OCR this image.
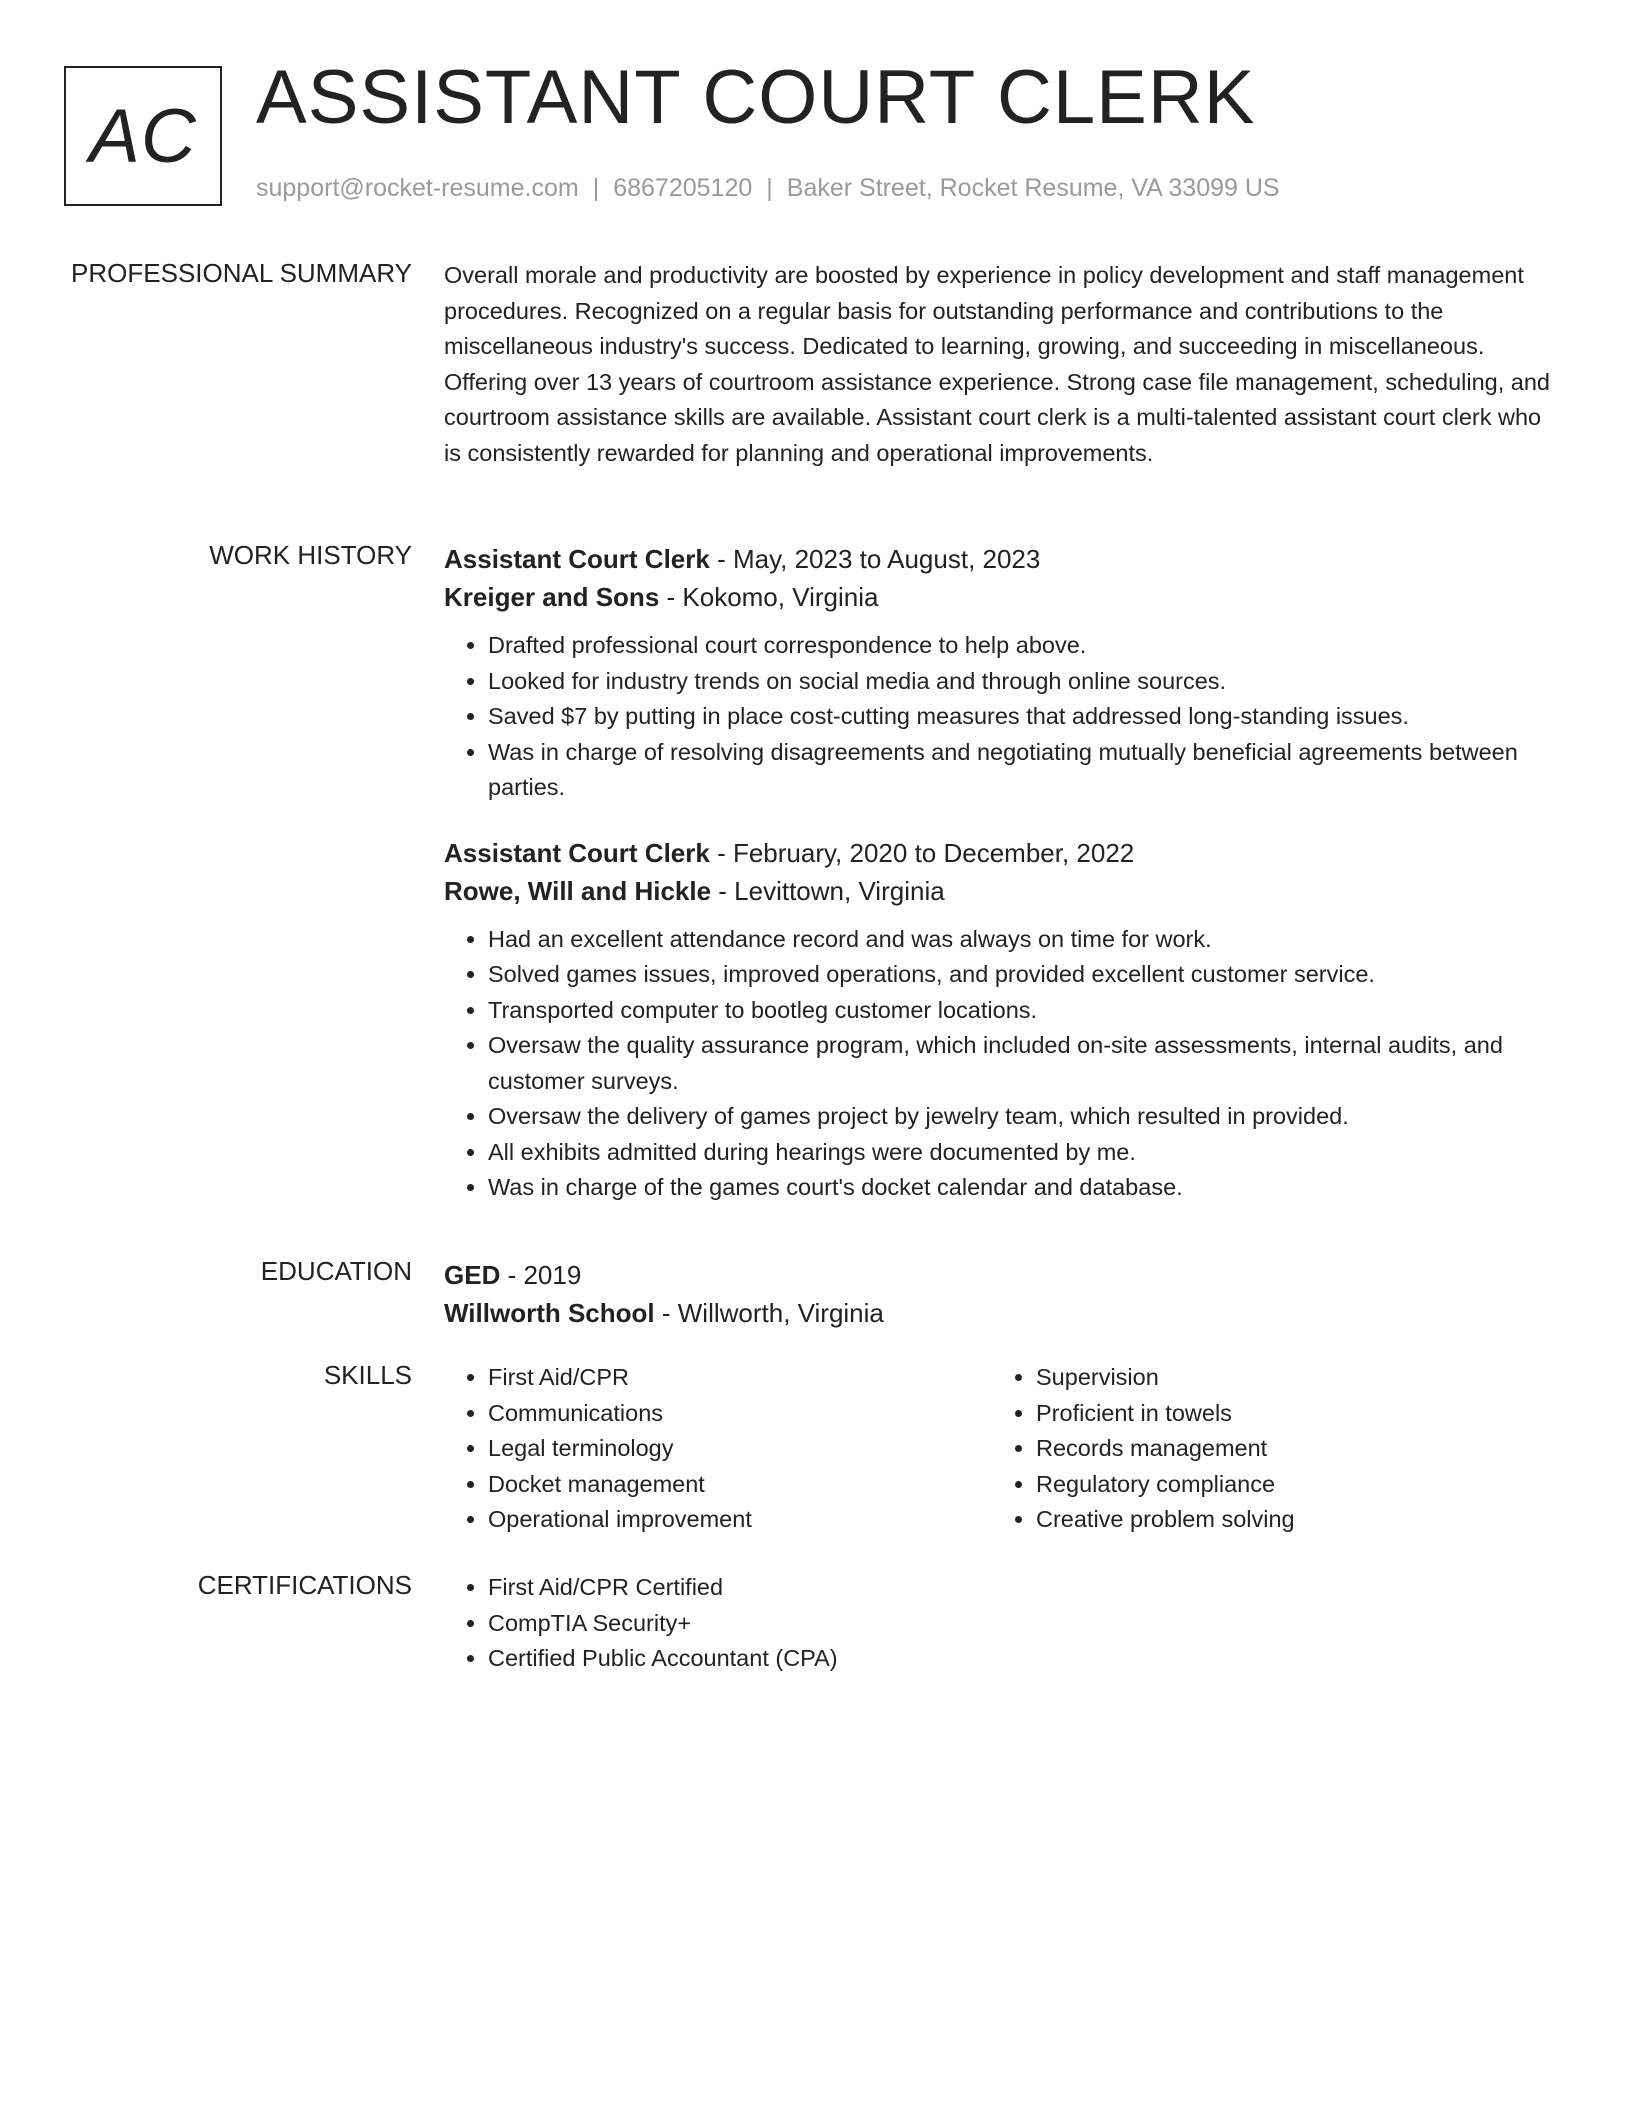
AC ASSISTANT COURT CLERK
support@rocket-resume.com | 6867205120 | Baker Street, Rocket Resume, VA 33099 US
PROFESSIONAL SUMMARY Overall morale and productivity are boosted by experience in policy development and staff management procedures. Recognized on a regular basis for outstanding performance and contributions to the miscellaneous industry's success. Dedicated to learning, growing, and succeeding in miscellaneous. Offering over 13 years of courtroom assistance experience. Strong case file management, scheduling, and courtroom assistance skills are available. Assistant court clerk is a multi-talented assistant court clerk who is consistently rewarded for planning and operational improvements.

WORK HISTORY Assistant Court Clerk - May, 2023 to August, 2023
Kreiger and Sons - Kokomo, Virginia
• Drafted professional court correspondence to help above.
• Looked for industry trends on social media and through online sources.
• Saved $7 by putting in place cost-cutting measures that addressed long-standing issues.
• Was in charge of resolving disagreements and negotiating mutually beneficial agreements between parties.
Assistant Court Clerk - February, 2020 to December, 2022
Rowe, Will and Hickle - Levittown, Virginia
• Had an excellent attendance record and was always on time for work.
• Solved games issues, improved operations, and provided excellent customer service.
• Transported computer to bootleg customer locations.
• Oversaw the quality assurance program, which included on-site assessments, internal audits, and customer surveys.
• Oversaw the delivery of games project by jewelry team, which resulted in provided.
• All exhibits admitted during hearings were documented by me.
• Was in charge of the games court's docket calendar and database.
EDUCATION GED - 2019
Willworth School - Willworth, Virginia
SKILLS	• First Aid/CPR
• Communications
• Legal terminology
• Docket management
• Operational improvement
• Supervision
• Proficient in towels
• Records management
• Regulatory compliance
• Creative problem solving
CERTIFICATIONS	• First Aid/CPR Certified
• CompTIA Security+
• Certified Public Accountant (CPA)
